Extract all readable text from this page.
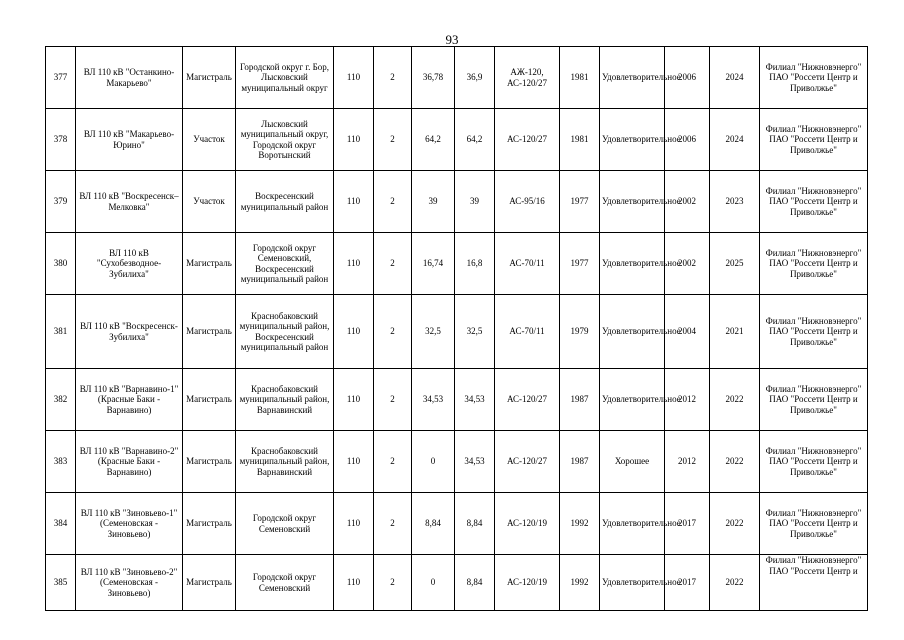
93
377	ВЛ 110 кВ "Останкино-Макарьево"	Магистраль	Городской округ г. Бор, Лысковский муниципальный округ	110	2	36,78	36,9	АЖ-120, АС-120/27	1981	Удовлетворительное	2006	2024	Филиал "Нижновэнерго" ПАО "Россети Центр и Приволжье"
378	ВЛ 110 кВ "Макарьево-Юрино"	Участок	Лысковский муниципальный округ, Городской округ Воротынский	110	2	64,2	64,2	АС-120/27	1981	Удовлетворительное	2006	2024	Филиал "Нижновэнерго" ПАО "Россети Центр и Приволжье"
379	ВЛ 110 кВ "Воскресенск–Мелковка"	Участок	Воскресенский муниципальный район	110	2	39	39	АС-95/16	1977	Удовлетворительное	2002	2023	Филиал "Нижновэнерго" ПАО "Россети Центр и Приволжье"
380	ВЛ 110 кВ "Сухобезводное-Зубилиха"	Магистраль	Городской округ Семеновский, Воскресенский муниципальный район	110	2	16,74	16,8	АС-70/11	1977	Удовлетворительное	2002	2025	Филиал "Нижновэнерго" ПАО "Россети Центр и Приволжье"
381	ВЛ 110 кВ "Воскресенск-Зубилиха"	Магистраль	Краснобаковский муниципальный район, Воскресенский муниципальный район	110	2	32,5	32,5	АС-70/11	1979	Удовлетворительное	2004	2021	Филиал "Нижновэнерго" ПАО "Россети Центр и Приволжье"
382	ВЛ 110 кВ "Варнавино-1" (Красные Баки - Варнавино)	Магистраль	Краснобаковский муниципальный район, Варнавинский	110	2	34,53	34,53	АС-120/27	1987	Удовлетворительное	2012	2022	Филиал "Нижновэнерго" ПАО "Россети Центр и Приволжье"
383	ВЛ 110 кВ "Варнавино-2" (Красные Баки - Варнавино)	Магистраль	Краснобаковский муниципальный район, Варнавинский	110	2	0	34,53	АС-120/27	1987	Хорошее	2012	2022	Филиал "Нижновэнерго" ПАО "Россети Центр и Приволжье"
384	ВЛ 110 кВ "Зиновьево-1" (Семеновская - Зиновьево)	Магистраль	Городской округ Семеновский	110	2	8,84	8,84	АС-120/19	1992	Удовлетворительное	2017	2022	Филиал "Нижновэнерго" ПАО "Россети Центр и Приволжье"
385	ВЛ 110 кВ "Зиновьево-2" (Семеновская - Зиновьево)	Магистраль	Городской округ Семеновский	110	2	0	8,84	АС-120/19	1992	Удовлетворительное	2017	2022	Филиал "Нижновэнерго" ПАО "Россети Центр и
